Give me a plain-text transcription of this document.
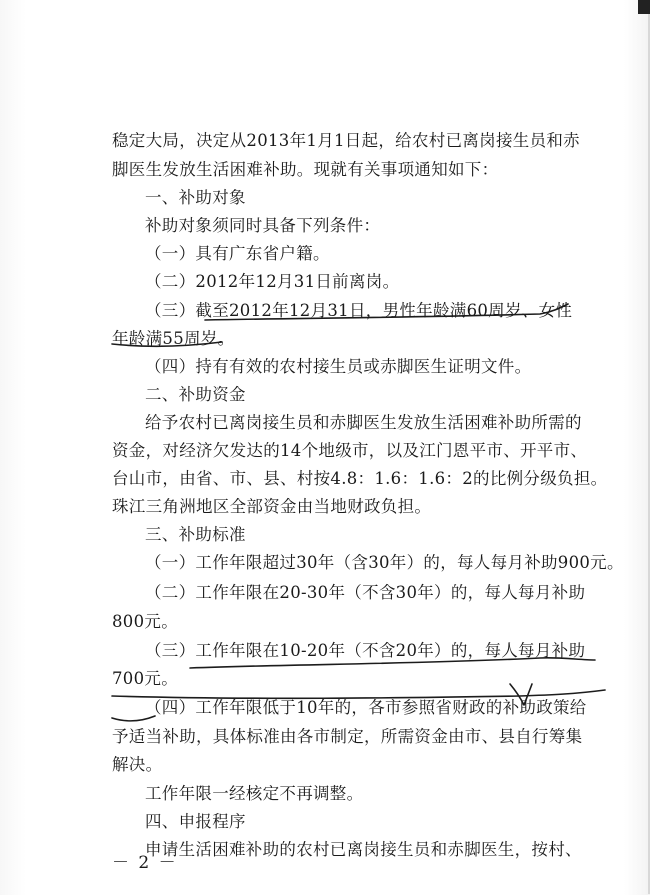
稳定大局，决定从2013年1月1日起，给农村已离岗接生员和赤
脚医生发放生活困难补助。现就有关事项通知如下：
一、补助对象
补助对象须同时具备下列条件：
（一）具有广东省户籍。
（二）2012年12月31日前离岗。
（三）截至2012年12月31日，男性年龄满60周岁、女性
年龄满55周岁。
（四）持有有效的农村接生员或赤脚医生证明文件。
二、补助资金
给予农村已离岗接生员和赤脚医生发放生活困难补助所需的
资金，对经济欠发达的14个地级市，以及江门恩平市、开平市、
台山市，由省、市、县、村按4.8：1.6：1.6：2的比例分级负担。
珠江三角洲地区全部资金由当地财政负担。
三、补助标准
（一）工作年限超过30年（含30年）的，每人每月补助900元。
（二）工作年限在20-30年（不含30年）的，每人每月补助
800元。
（三）工作年限在10-20年（不含20年）的，每人每月补助
700元。
（四）工作年限低于10年的，各市参照省财政的补助政策给
予适当补助，具体标准由各市制定，所需资金由市、县自行筹集
解决。
工作年限一经核定不再调整。
四、申报程序
申请生活困难补助的农村已离岗接生员和赤脚医生，按村、
－ 2 －
